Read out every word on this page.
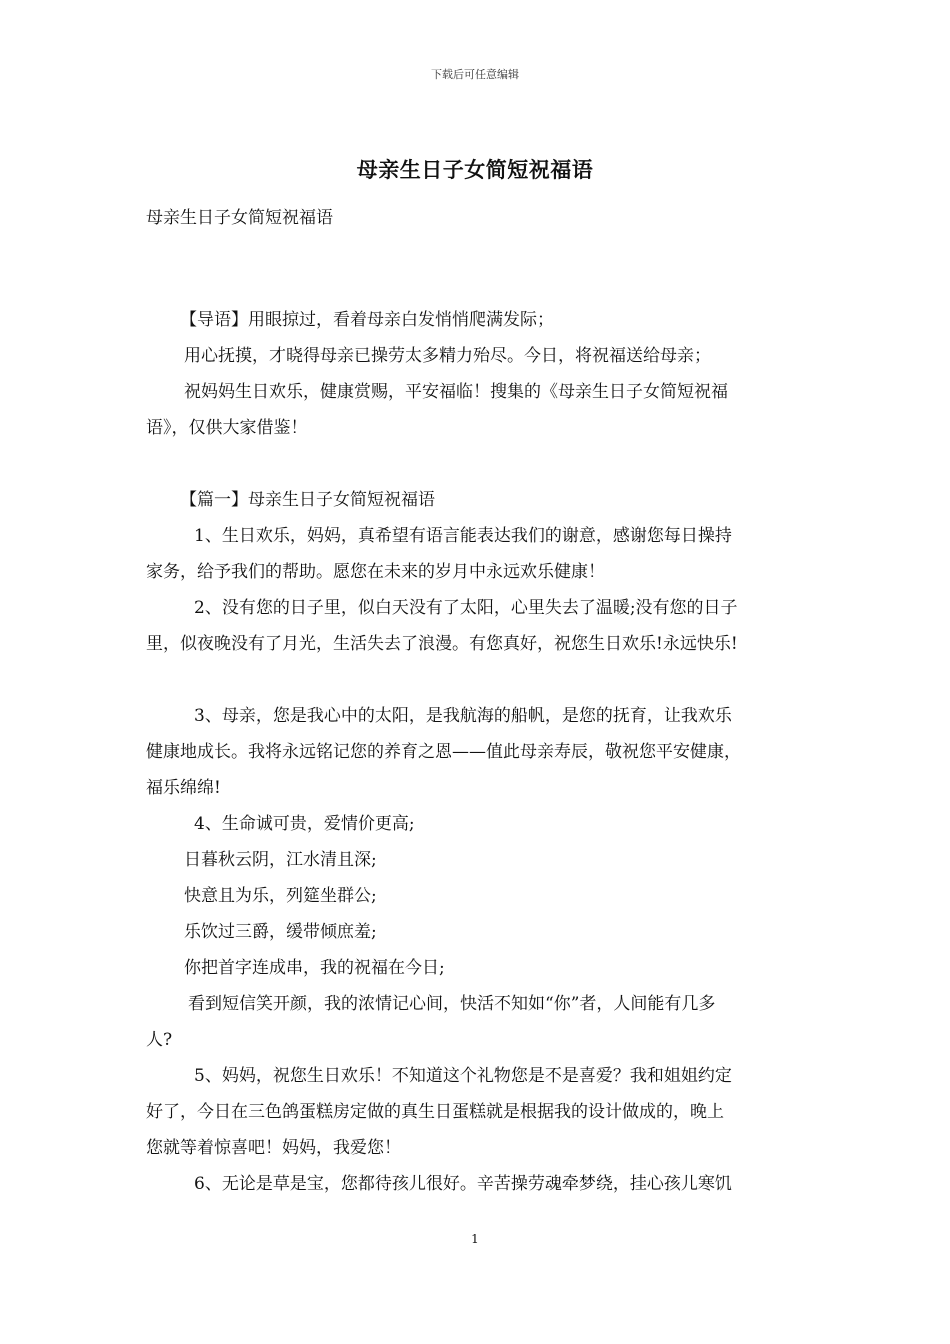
下载后可任意编辑
母亲生日子女简短祝福语

母亲生日子女简短祝福语

【导语】用眼掠过，看着母亲白发悄悄爬满发际；

用心抚摸，才晓得母亲已操劳太多精力殆尽。今日，将祝福送给母亲；

祝妈妈生日欢乐，健康赏赐，平安福临！搜集的《母亲生日子女简短祝福

语》，仅供大家借鉴！

【篇一】母亲生日子女简短祝福语

1、生日欢乐，妈妈，真希望有语言能表达我们的谢意，感谢您每日操持

家务，给予我们的帮助。愿您在未来的岁月中永远欢乐健康！

2、没有您的日子里，似白天没有了太阳，心里失去了温暖;没有您的日子

里，似夜晚没有了月光，生活失去了浪漫。有您真好，祝您生日欢乐!永远快乐!

3、母亲，您是我心中的太阳，是我航海的船帆，是您的抚育，让我欢乐

健康地成长。我将永远铭记您的养育之恩——值此母亲寿辰，敬祝您平安健康，

福乐绵绵!

4、生命诚可贵，爱情价更高;

日暮秋云阴，江水清且深;

快意且为乐，列筵坐群公;

乐饮过三爵，缓带倾庶羞;

你把首字连成串，我的祝福在今日;

看到短信笑开颜，我的浓情记心间，快活不知如“你”者，人间能有几多

人?

5、妈妈，祝您生日欢乐！不知道这个礼物您是不是喜爱？我和姐姐约定

好了，今日在三色鸽蛋糕房定做的真生日蛋糕就是根据我的设计做成的，晚上

您就等着惊喜吧！妈妈，我爱您！

6、无论是草是宝，您都待孩儿很好。辛苦操劳魂牵梦绕，挂心孩儿寒饥

1
